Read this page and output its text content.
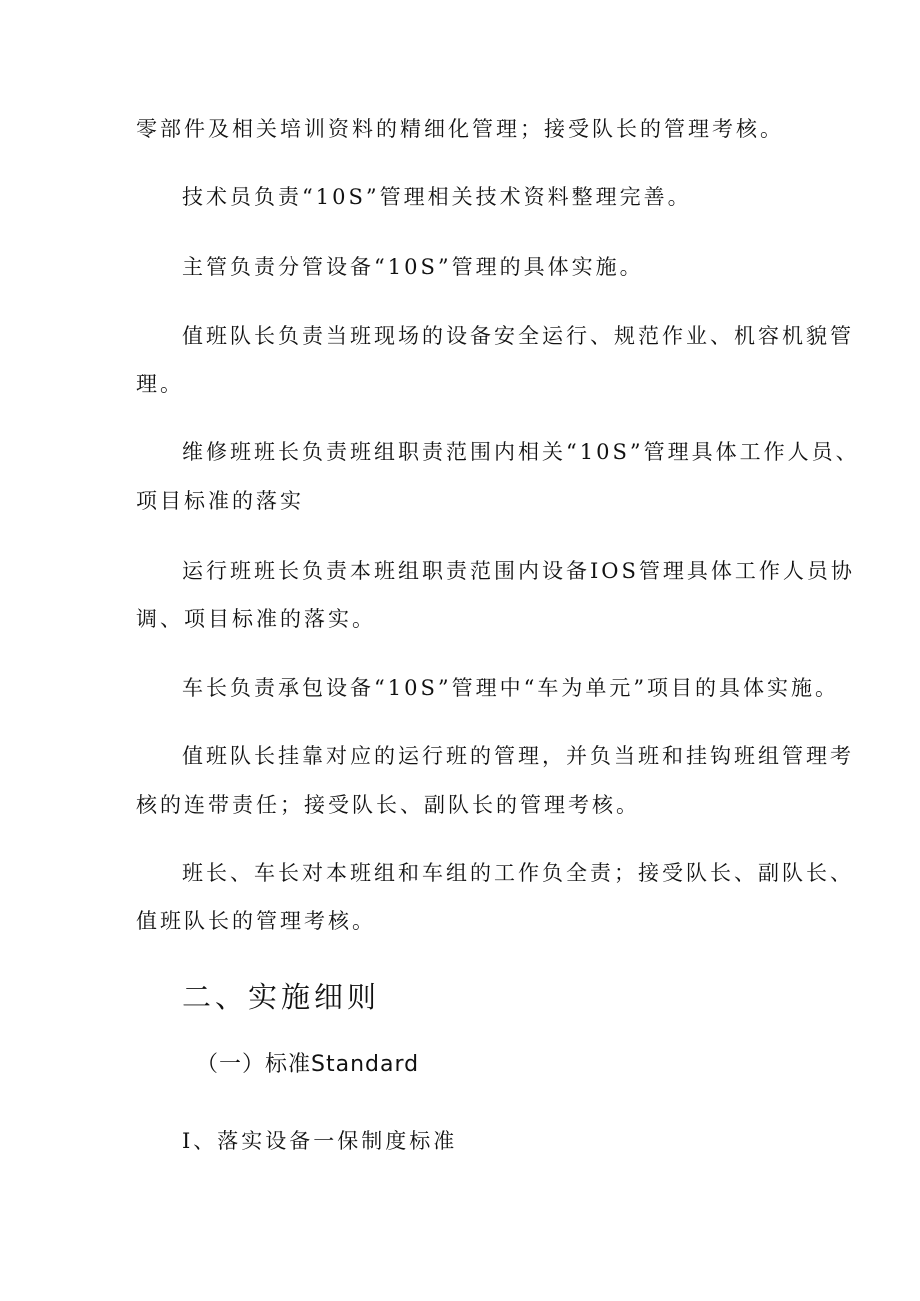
零部件及相关培训资料的精细化管理；接受队长的管理考核。
技术员负责“10S”管理相关技术资料整理完善。
主管负责分管设备“10S”管理的具体实施。
值班队长负责当班现场的设备安全运行、规范作业、机容机貌管
理。
维修班班长负责班组职责范围内相关“10S”管理具体工作人员、
项目标准的落实
运行班班长负责本班组职责范围内设备IOS管理具体工作人员协
调、项目标准的落实。
车长负责承包设备“10S”管理中“车为单元”项目的具体实施。
值班队长挂靠对应的运行班的管理，并负当班和挂钩班组管理考
核的连带责任；接受队长、副队长的管理考核。
班长、车长对本班组和车组的工作负全责；接受队长、副队长、
值班队长的管理考核。
二、实施细则
（一）标准Standard
I、落实设备一保制度标准
